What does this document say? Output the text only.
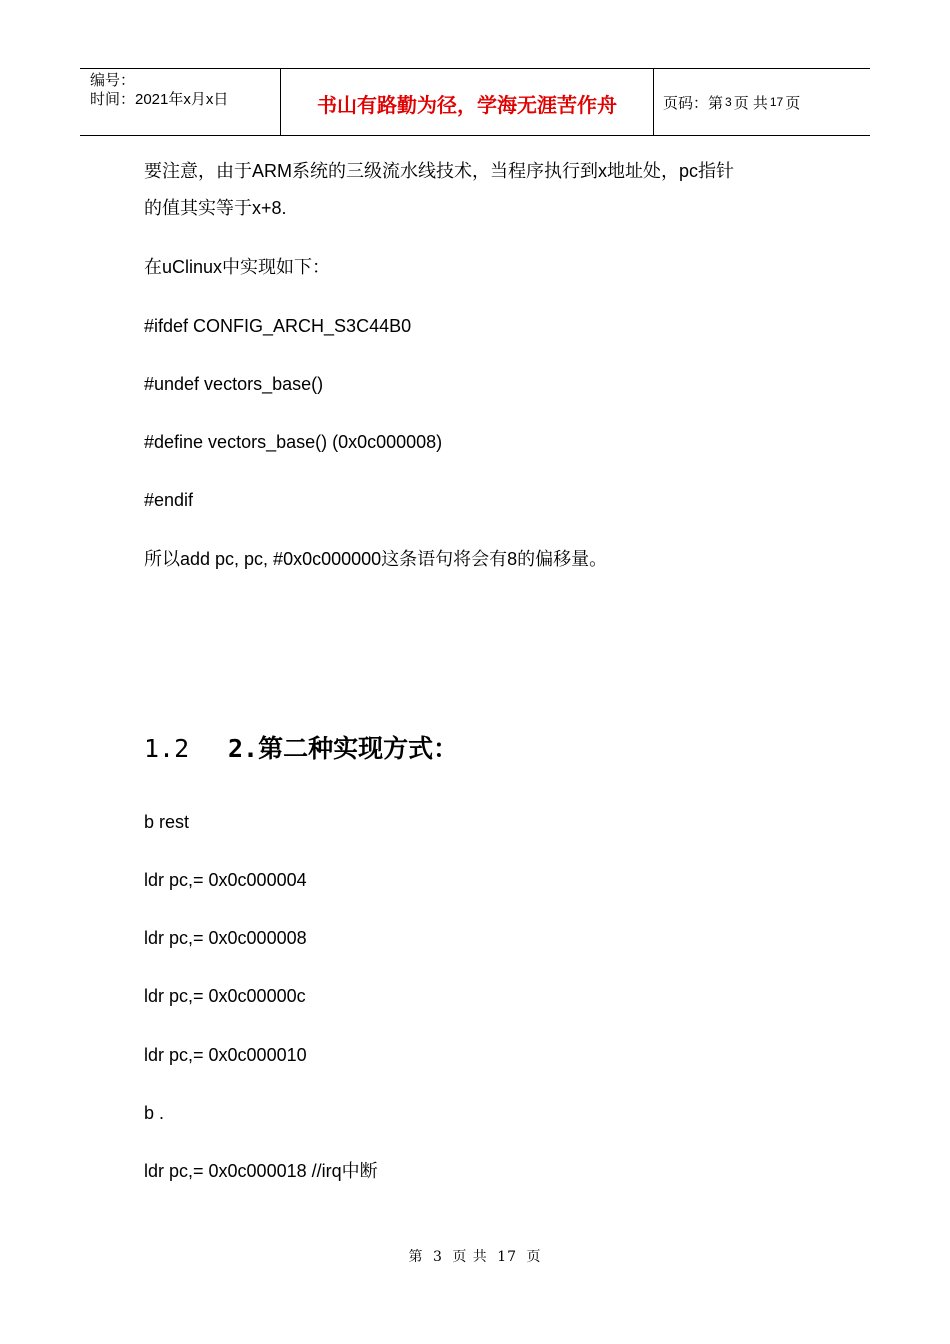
编号：
时间：2021年x月x日	书山有路勤为径，学海无涯苦作舟	页码：第 3 页 共 17 页
要注意，由于ARM系统的三级流水线技术，当程序执行到x地址处，pc指针
的值其实等于x+8.
在uClinux中实现如下：
#ifdef CONFIG_ARCH_S3C44B0
#undef vectors_base()
#define vectors_base() (0x0c000008)
#endif
所以add pc, pc, #0x0c000000这条语句将会有8的偏移量。
1.2 2.第二种实现方式：
b rest
ldr pc,= 0x0c000004
ldr pc,= 0x0c000008
ldr pc,= 0x0c00000c
ldr pc,= 0x0c000010
b .
ldr pc,= 0x0c000018 //irq中断
第 3 页 共 17 页
